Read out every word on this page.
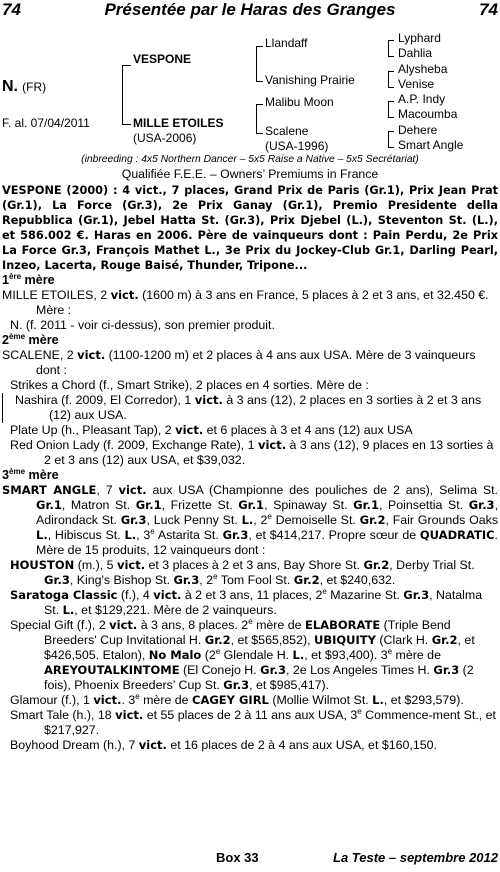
74	Présentée par le Haras des Granges	74
N. (FR)
F. al. 07/04/2011
VESPONE
MILLE ETOILES
(USA-2006)
Llandaff
Vanishing Prairie
Malibu Moon
Scalene
(USA-1996)
Lyphard
Dahlia
Alysheba
Venise
A.P. Indy
Macoumba
Dehere
Smart Angle
(inbreeding : 4x5 Northern Dancer – 5x5 Raise a Native – 5x5 Secrétariat)
Qualifiée F.E.E. – Owners’ Premiums in France

VESPONE (2000) : 4 vict., 7 places, Grand Prix de Paris (Gr.1), Prix Jean Prat (Gr.1), La Force (Gr.3), 2e Prix Ganay (Gr.1), Premio Presidente della Repubblica (Gr.1), Jebel Hatta St. (Gr.3), Prix Djebel (L.), Steventon St. (L.), et 586.002 €. Haras en 2006. Père de vainqueurs dont : Pain Perdu, 2e Prix La Force Gr.3, François Mathet L., 3e Prix du Jockey-Club Gr.1, Darling Pearl, Inzeo, Lacerta, Rouge Baisé, Thunder, Tripone...

1ère mère

MILLE ETOILES, 2 vict. (1600 m) à 3 ans en France, 5 places à 2 et 3 ans, et 32.450 €. Mère :

N. (f. 2011 - voir ci-dessus), son premier produit.

2ème mère

SCALENE, 2 vict. (1100-1200 m) et 2 places à 4 ans aux USA. Mère de 3 vainqueurs dont :

Strikes a Chord (f., Smart Strike), 2 places en 4 sorties. Mère de :

Nashira (f. 2009, El Corredor), 1 vict. à 3 ans (12), 2 places en 3 sorties à 2 et 3 ans (12) aux USA.

Plate Up (h., Pleasant Tap), 2 vict. et 6 places à 3 et 4 ans (12) aux USA

Red Onion Lady (f. 2009, Exchange Rate), 1 vict. à 3 ans (12), 9 places en 13 sorties à 2 et 3 ans (12) aux USA, et $39,032.

3ème mère

SMART ANGLE, 7 vict. aux USA (Championne des pouliches de 2 ans), Selima St. Gr.1, Matron St. Gr.1, Frizette St. Gr.1, Spinaway St. Gr.1, Poinsettia St. Gr.3, Adirondack St. Gr.3, Luck Penny St. L., 2e Demoiselle St. Gr.2, Fair Grounds Oaks L., Hibiscus St. L., 3e Astarita St. Gr.3, et $414,217. Propre sœur de QUADRATIC. Mère de 15 produits, 12 vainqueurs dont :

HOUSTON (m.), 5 vict. et 3 places à 2 et 3 ans, Bay Shore St. Gr.2, Derby Trial St. Gr.3, King's Bishop St. Gr.3, 2e Tom Fool St. Gr.2, et $240,632.

Saratoga Classic (f.), 4 vict. à 2 et 3 ans, 11 places, 2e Mazarine St. Gr.3, Natalma St. L., et $129,221. Mère de 2 vainqueurs.

Special Gift (f.), 2 vict. à 3 ans, 8 places. 2e mère de ELABORATE (Triple Bend Breeders' Cup Invitational H. Gr.2, et $565,852), UBIQUITY (Clark H. Gr.2, et $426,505. Etalon), No Malo (2e Glendale H. L., et $93,400). 3e mère de AREYOUTALKINTOME (El Conejo H. Gr.3, 2e Los Angeles Times H. Gr.3 (2 fois), Phoenix Breeders’ Cup St. Gr.3, et $985,417).

Glamour (f.), 1 vict.. 3e mère de CAGEY GIRL (Mollie Wilmot St. L., et $293,579).

Smart Tale (h.), 18 vict. et 55 places de 2 à 11 ans aux USA, 3e Commence-ment St., et $217,927.

Boyhood Dream (h.), 7 vict. et 16 places de 2 à 4 ans aux USA, et $160,150.

Box 33	La Teste – septembre 2012
